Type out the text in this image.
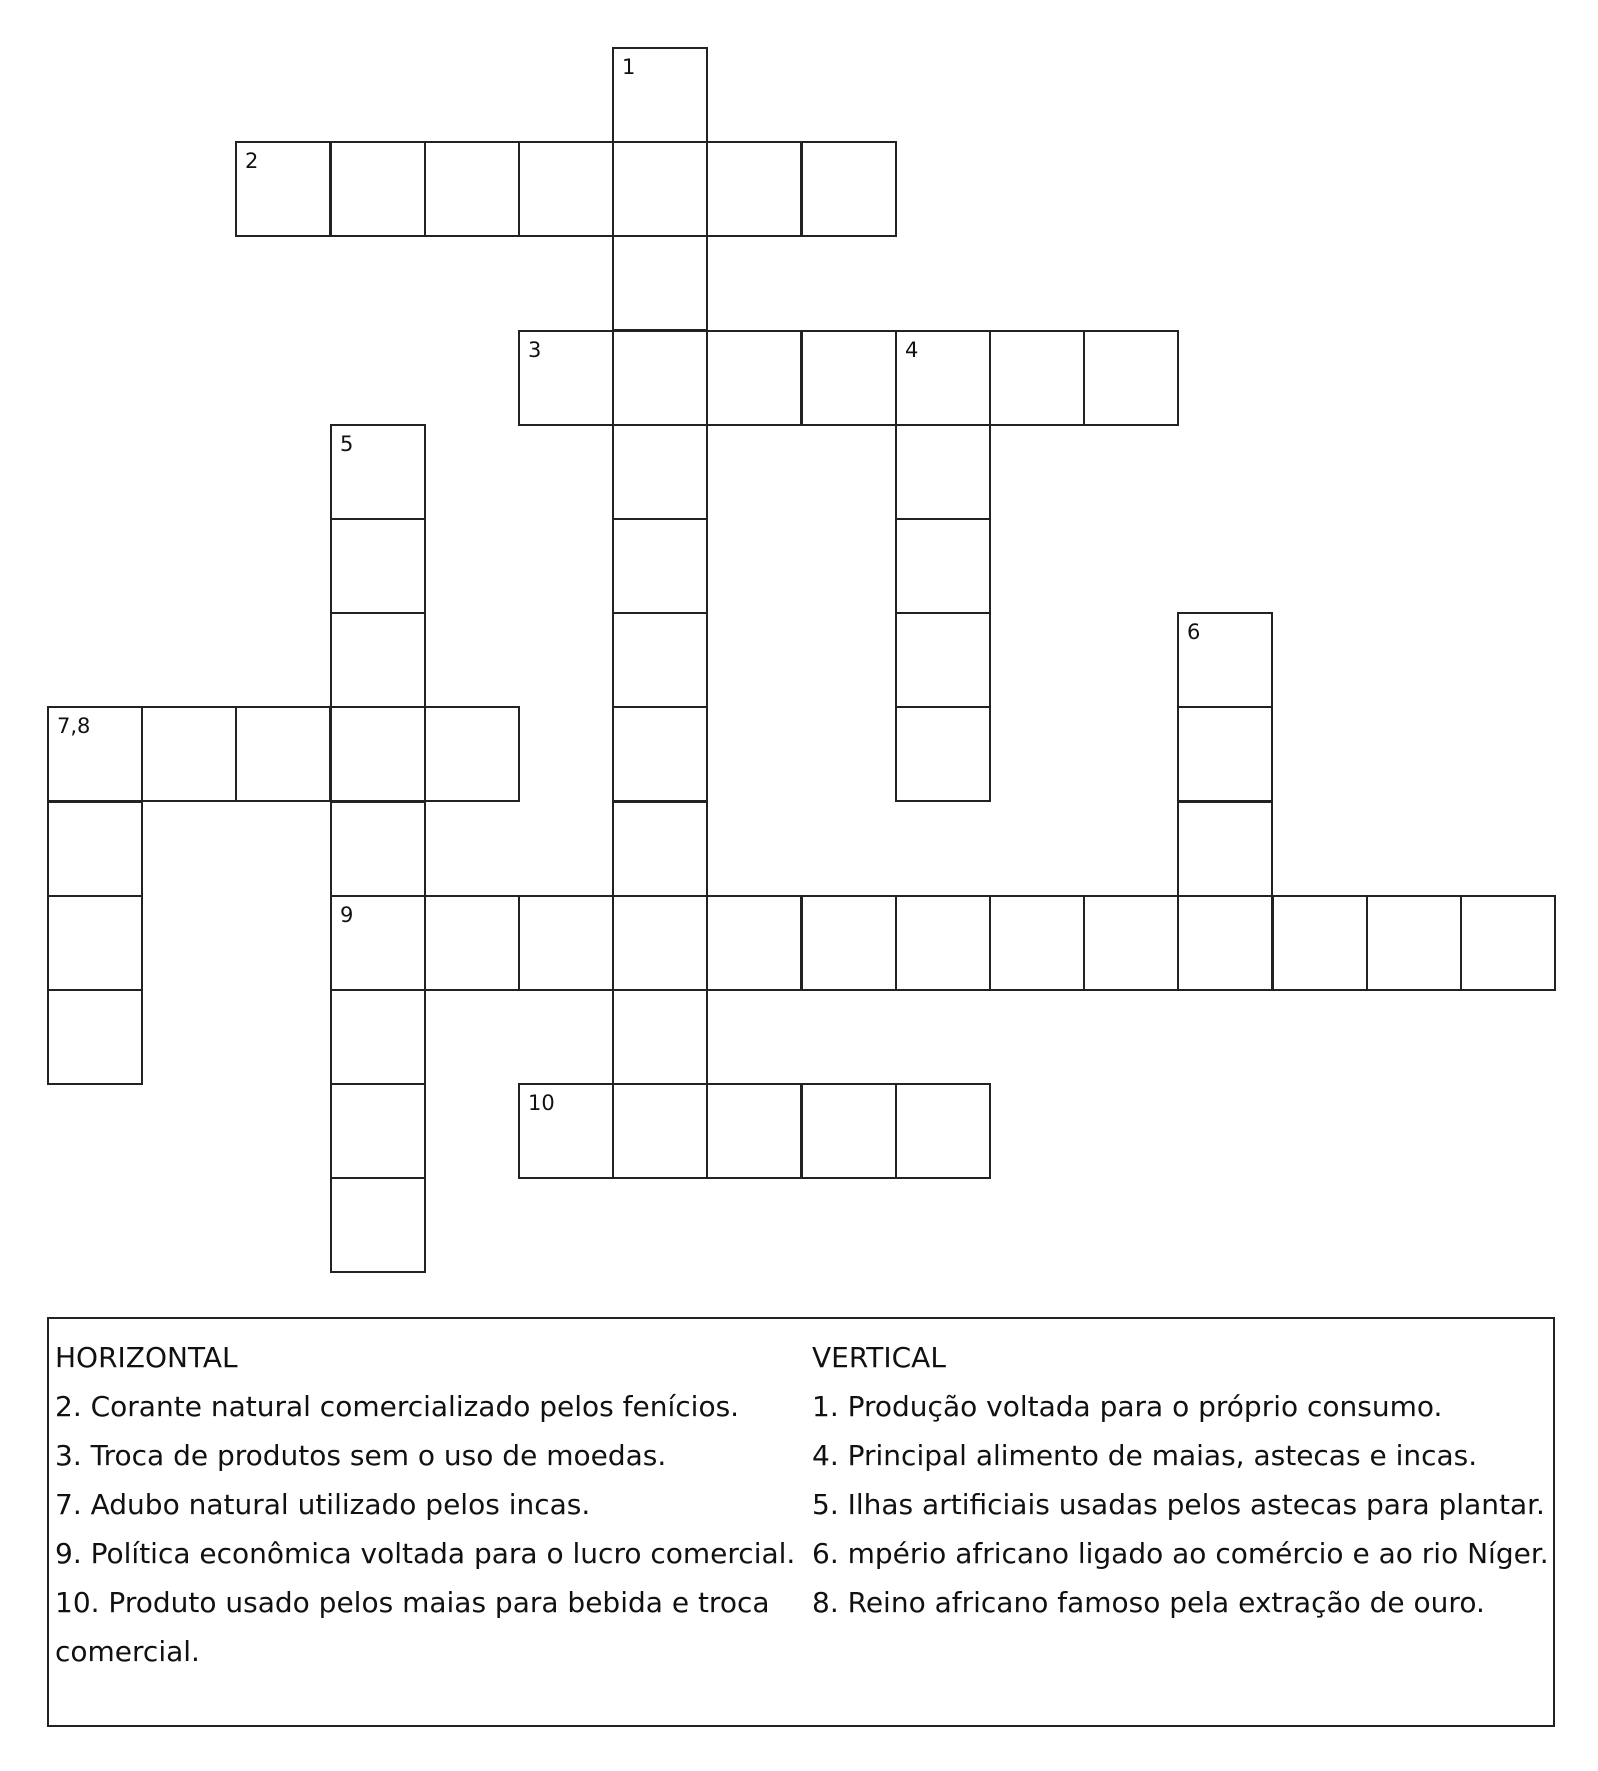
1
2
3	4
5
6
7,8
9
10
HORIZONTAL
2. Corante natural comercializado pelos fenícios.
3. Troca de produtos sem o uso de moedas.
7. Adubo natural utilizado pelos incas.
9. Política econômica voltada para o lucro comercial.
10. Produto usado pelos maias para bebida e troca comercial.
VERTICAL
1. Produção voltada para o próprio consumo.
4. Principal alimento de maias, astecas e incas.
5. Ilhas artificiais usadas pelos astecas para plantar.
6. mpério africano ligado ao comércio e ao rio Níger.
8. Reino africano famoso pela extração de ouro.
